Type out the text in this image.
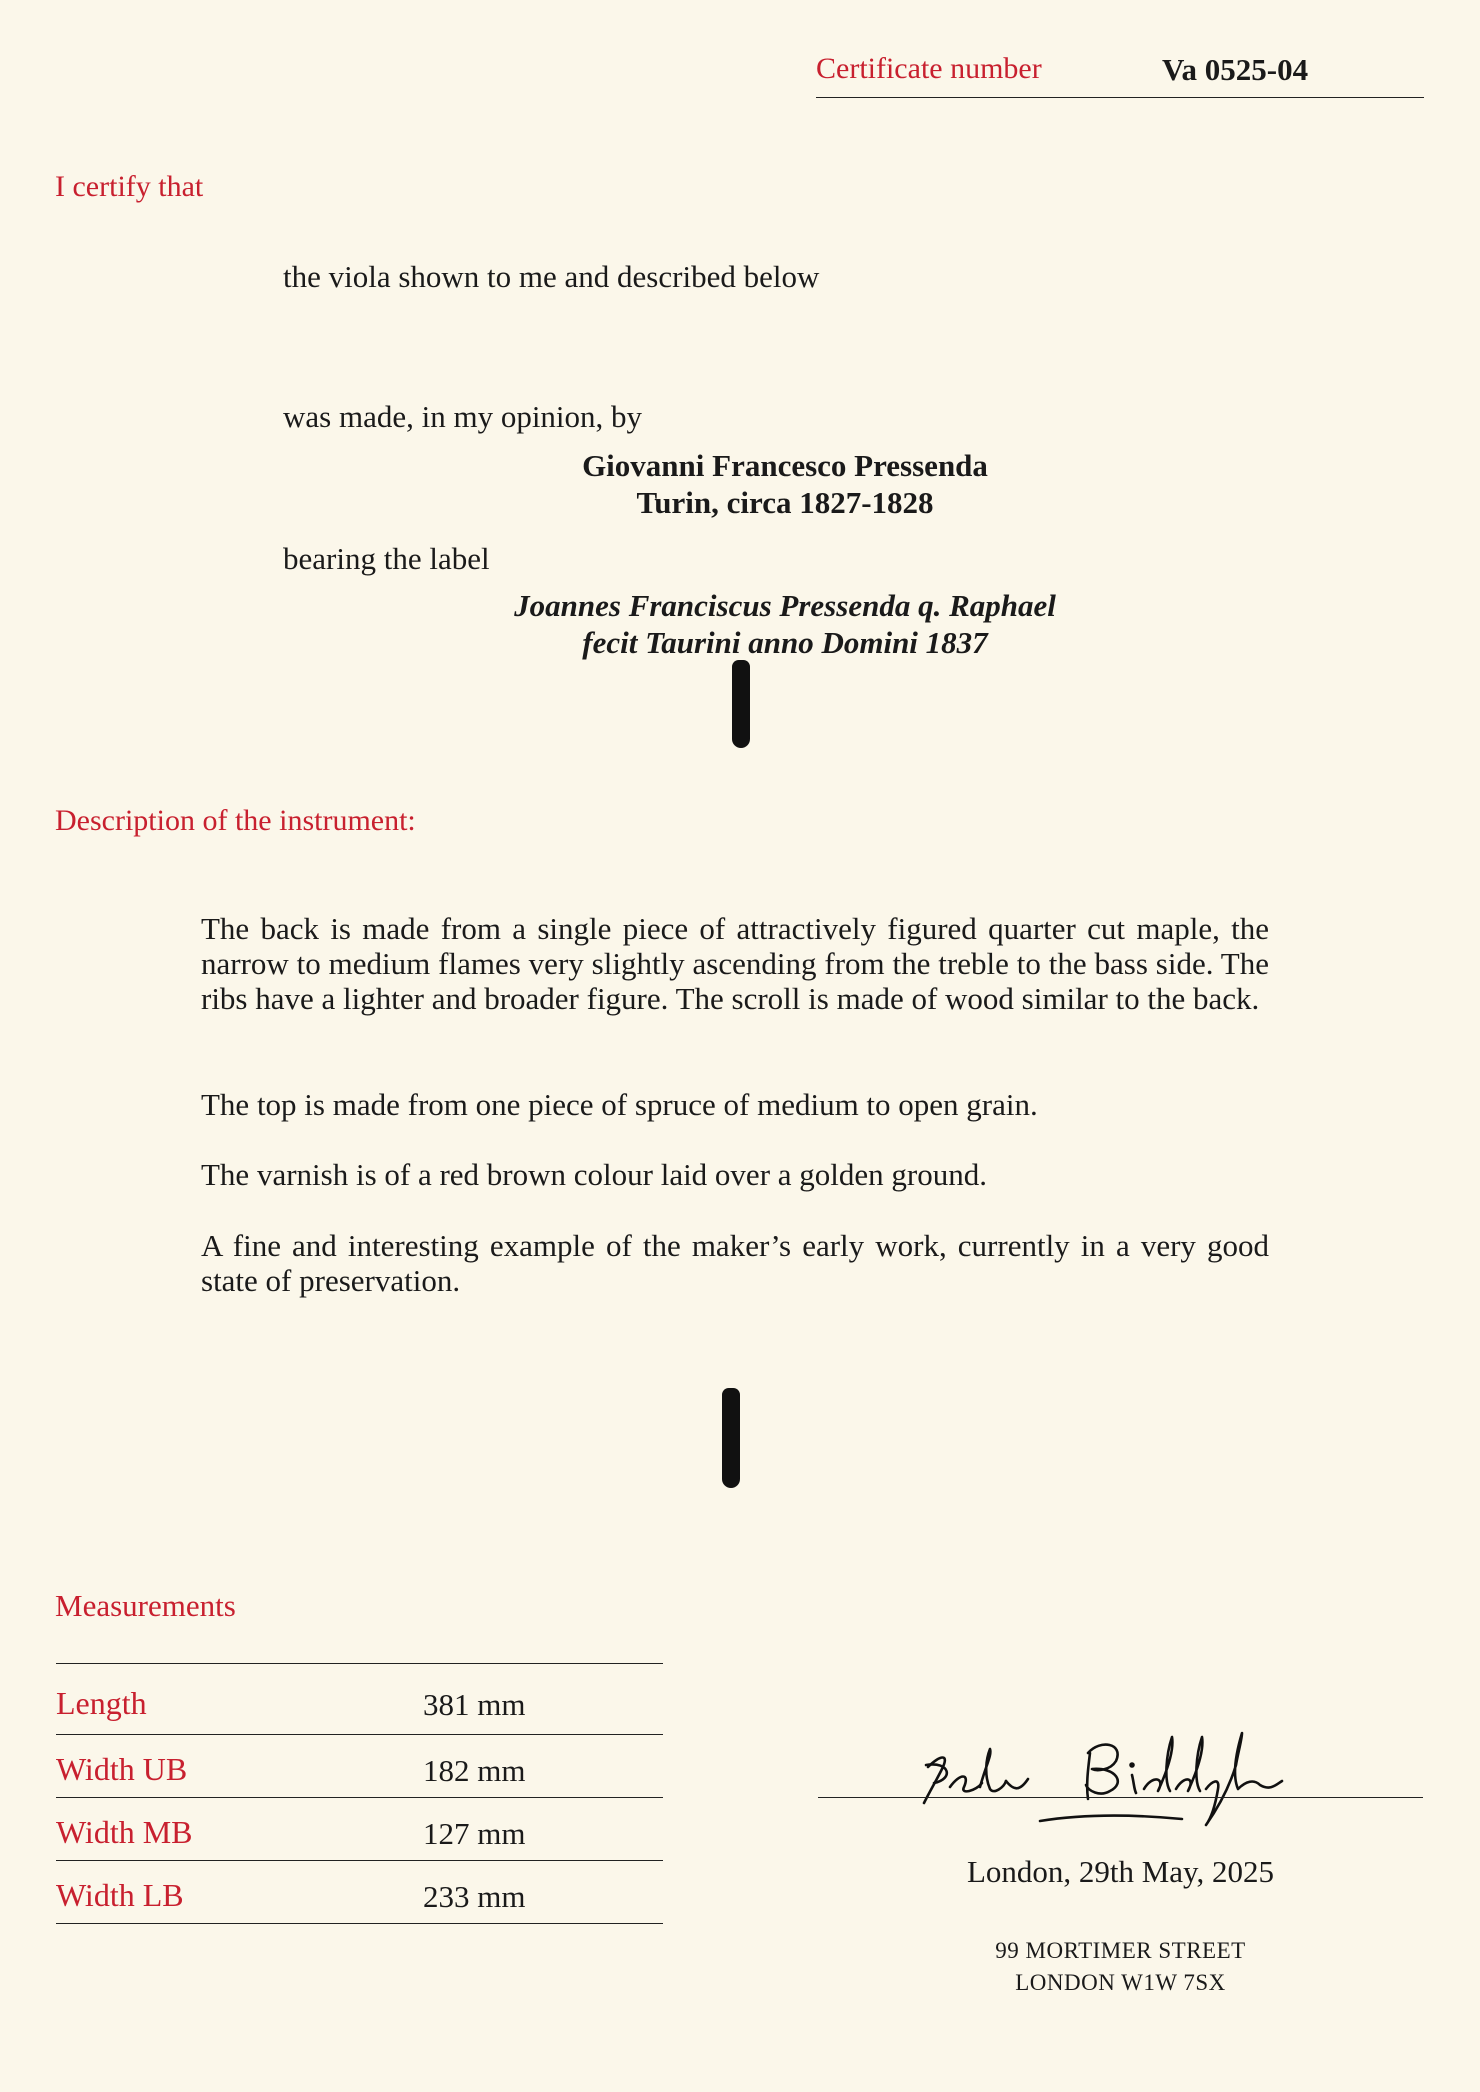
Certificate number	Va 0525-04
I certify that
the viola shown to me and described below
was made, in my opinion, by
Giovanni Francesco Pressenda
Turin, circa 1827-1828
bearing the label
Joannes Franciscus Pressenda q. Raphael
fecit Taurini anno Domini 1837
Description of the instrument:

The back is made from a single piece of attractively figured quarter cut maple, the narrow to medium flames very slightly ascending from the treble to the bass side. The ribs have a lighter and broader figure. The scroll is made of wood similar to the back.

The top is made from one piece of spruce of medium to open grain.

The varnish is of a red brown colour laid over a golden ground.

A fine and interesting example of the maker’s early work, currently in a very good state of preservation.

Measurements
Length	381 mm
Width UB	182 mm
Width MB	127 mm
Width LB	233 mm
London, 29th May, 2025
99 MORTIMER STREET
LONDON W1W 7SX
